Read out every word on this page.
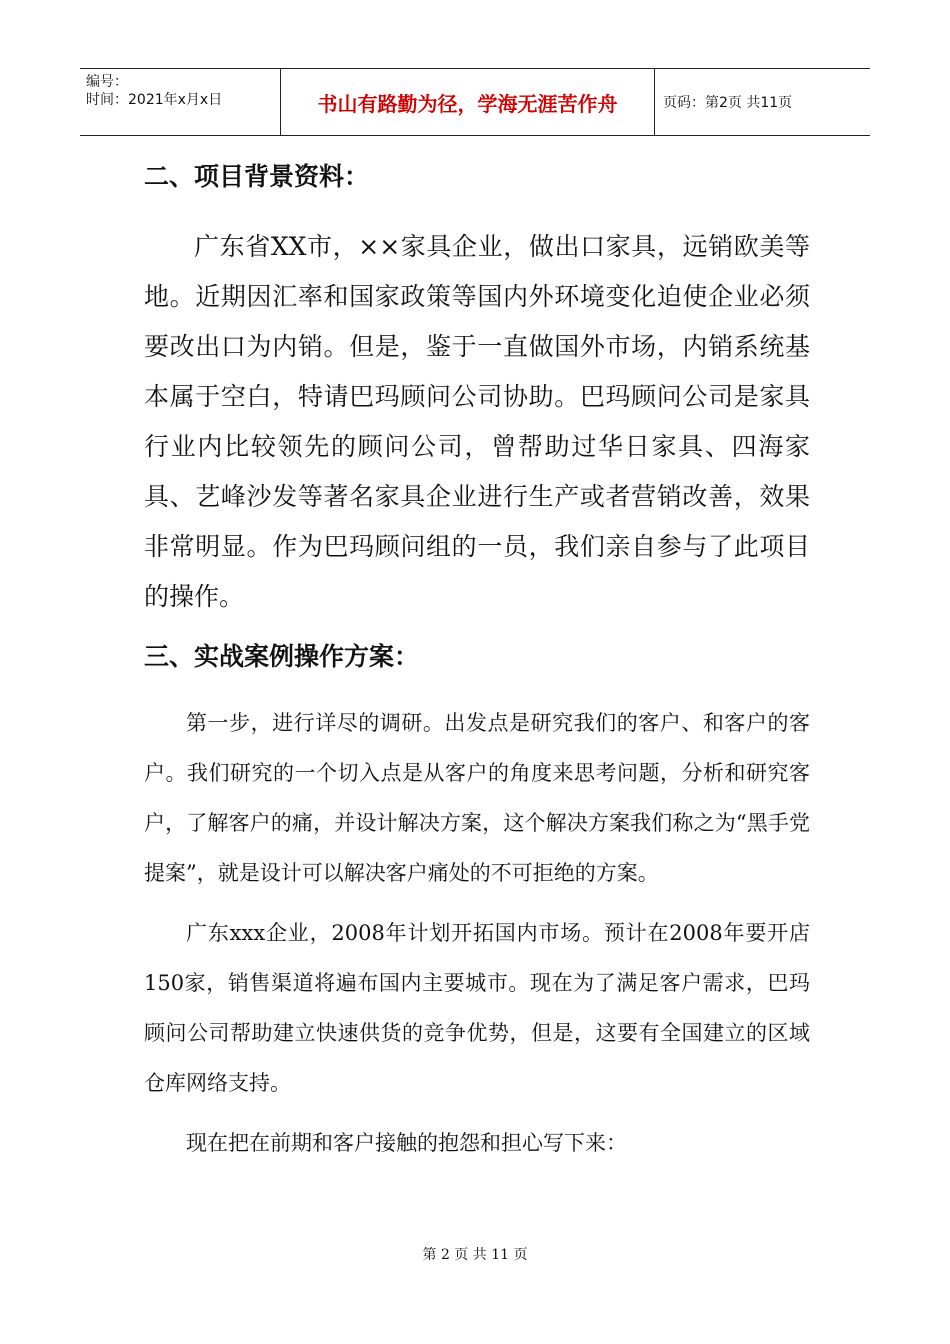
编号：
时间：2021年x月x日	书山有路勤为径，学海无涯苦作舟	页码：第2页 共11页
二、项目背景资料：

广东省XX市，××家具企业，做出口家具，远销欧美等地。近期因汇率和国家政策等国内外环境变化迫使企业必须要改出口为内销。但是，鉴于一直做国外市场，内销系统基本属于空白，特请巴玛顾问公司协助。巴玛顾问公司是家具行业内比较领先的顾问公司，曾帮助过华日家具、四海家具、艺峰沙发等著名家具企业进行生产或者营销改善，效果非常明显。作为巴玛顾问组的一员，我们亲自参与了此项目的操作。

三、实战案例操作方案：

第一步，进行详尽的调研。出发点是研究我们的客户、和客户的客户。我们研究的一个切入点是从客户的角度来思考问题，分析和研究客户，了解客户的痛，并设计解决方案，这个解决方案我们称之为“黑手党提案”，就是设计可以解决客户痛处的不可拒绝的方案。

广东xxx企业，2008年计划开拓国内市场。预计在2008年要开店150家，销售渠道将遍布国内主要城市。现在为了满足客户需求，巴玛顾问公司帮助建立快速供货的竞争优势，但是，这要有全国建立的区域仓库网络支持。

现在把在前期和客户接触的抱怨和担心写下来：

第 2 页 共 11 页
